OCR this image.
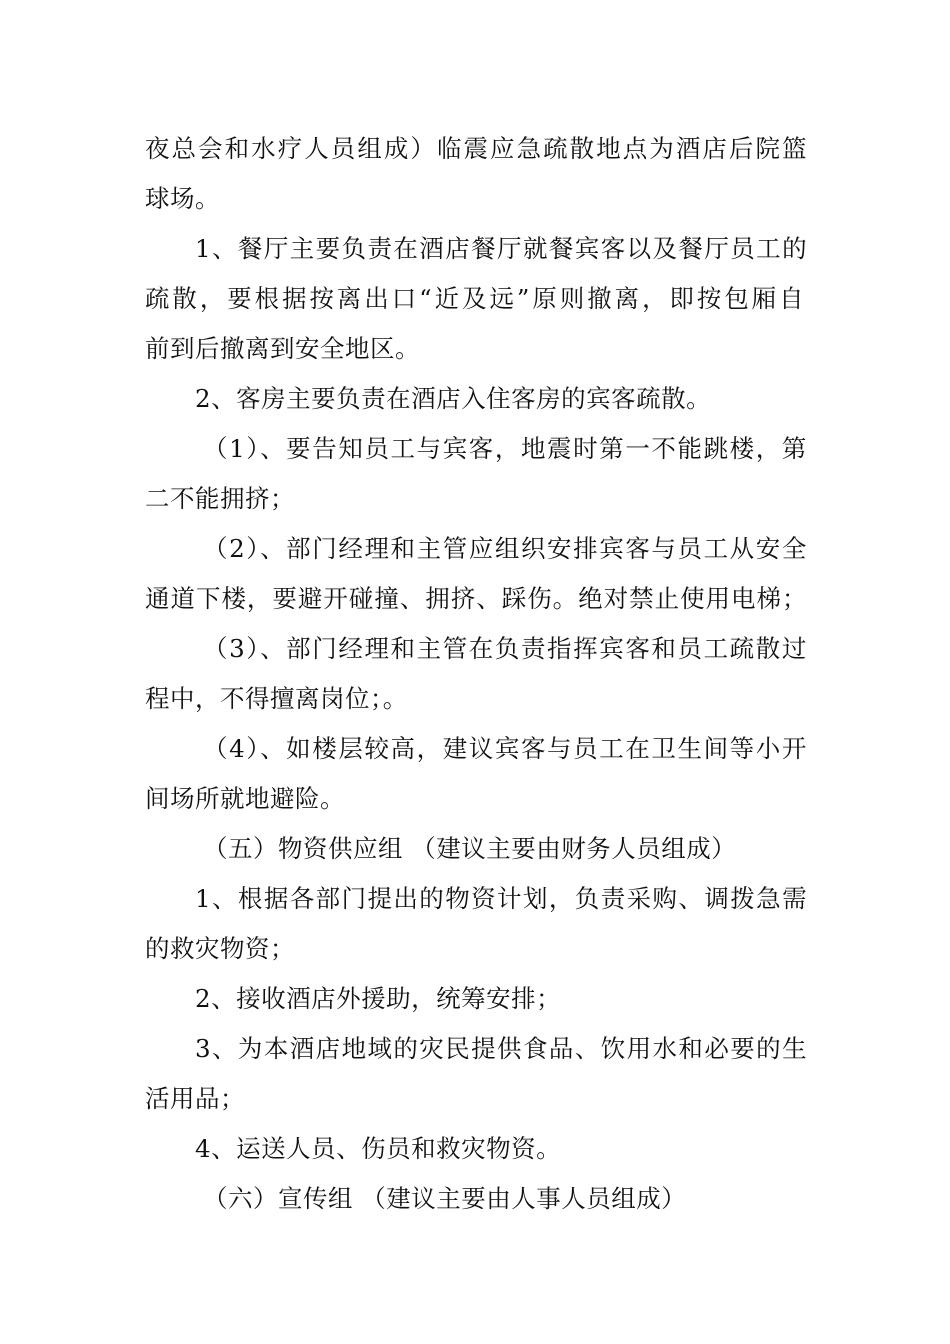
夜总会和水疗人员组成）临震应急疏散地点为酒店后院篮
球场。
1、餐厅主要负责在酒店餐厅就餐宾客以及餐厅员工的
疏散，要根据按离出口“近及远”原则撤离，即按包厢自
前到后撤离到安全地区。
2、客房主要负责在酒店入住客房的宾客疏散。
（1）、要告知员工与宾客，地震时第一不能跳楼，第
二不能拥挤；
（2）、部门经理和主管应组织安排宾客与员工从安全
通道下楼，要避开碰撞、拥挤、踩伤。绝对禁止使用电梯；
（3）、部门经理和主管在负责指挥宾客和员工疏散过
程中，不得擅离岗位；。
（4）、如楼层较高，建议宾客与员工在卫生间等小开
间场所就地避险。
（五）物资供应组 （建议主要由财务人员组成）
1、根据各部门提出的物资计划，负责采购、调拨急需
的救灾物资；
2、接收酒店外援助，统筹安排；
3、为本酒店地域的灾民提供食品、饮用水和必要的生
活用品；
4、运送人员、伤员和救灾物资。
（六）宣传组 （建议主要由人事人员组成）
